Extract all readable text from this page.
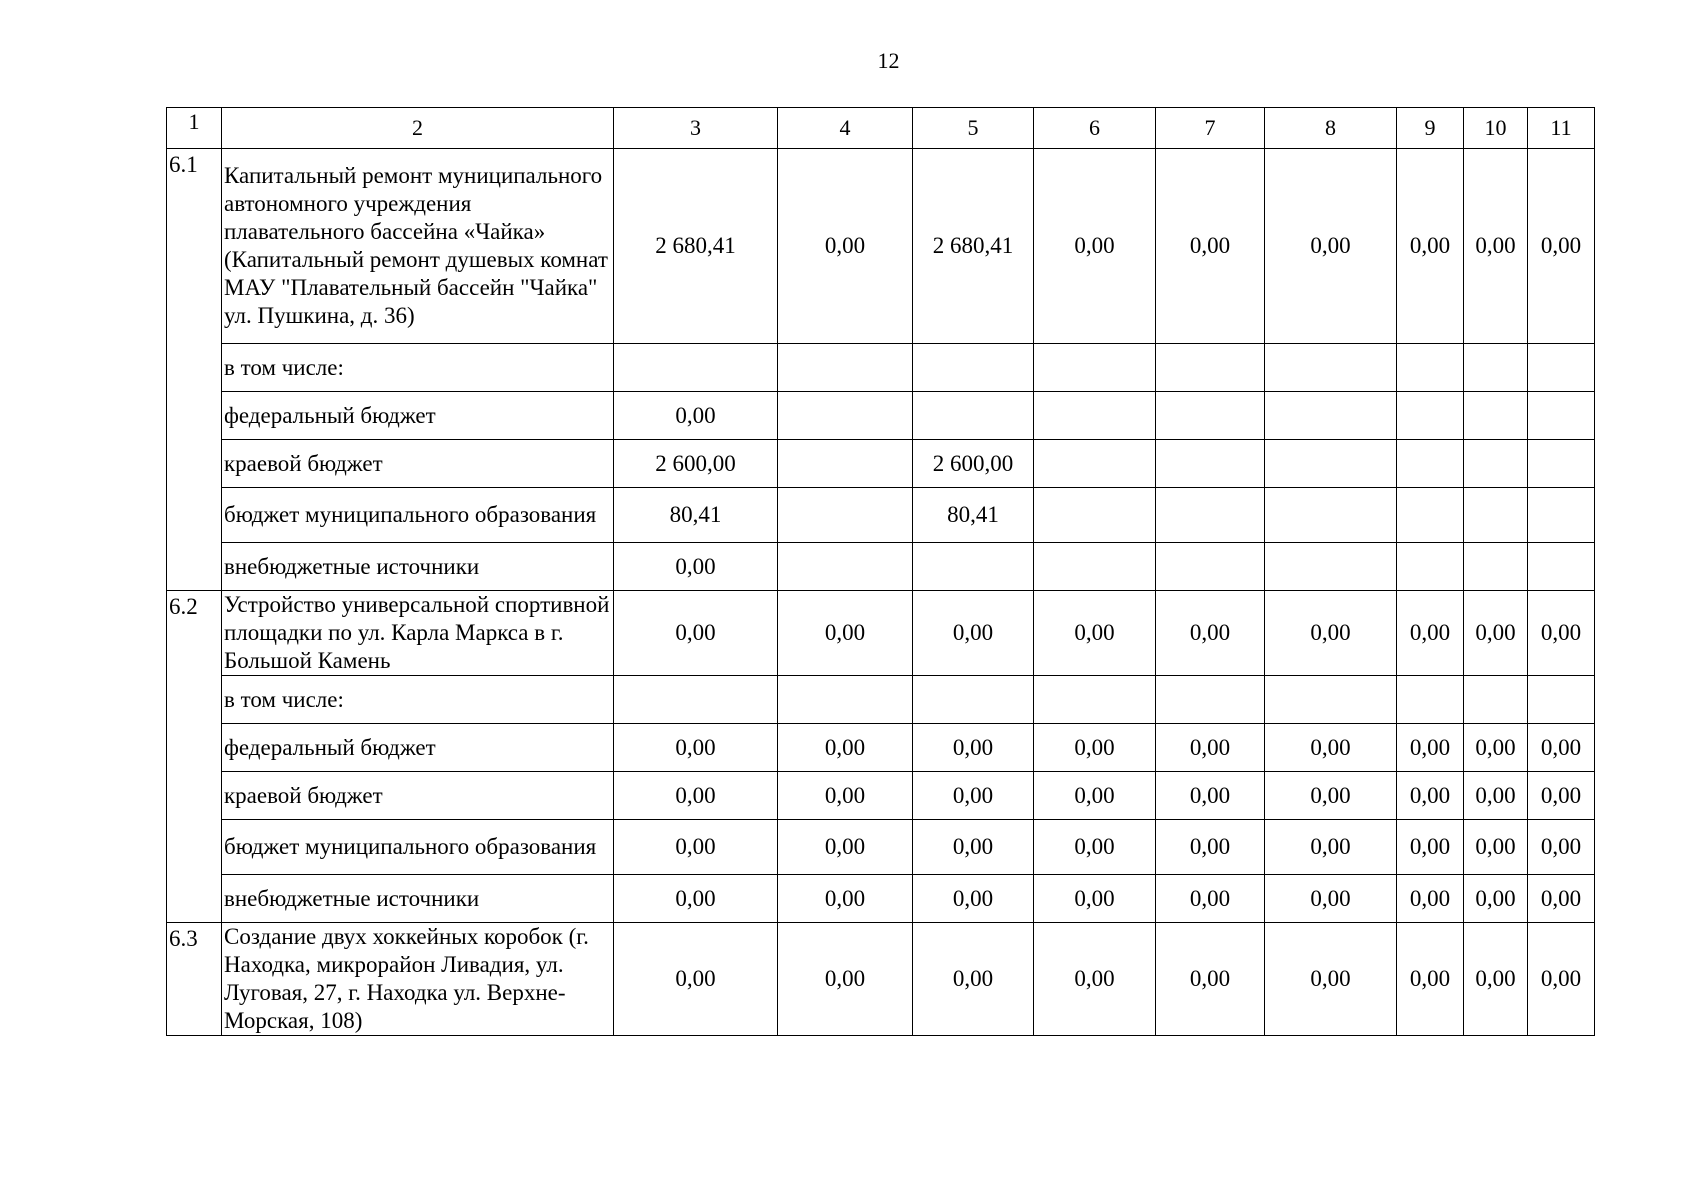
12
1	2	3	4	5	6	7	8	9	10	11
6.1	Капитальный ремонт муниципального автономного учреждения плавательного бассейна «Чайка» (Капитальный ремонт душевых комнат МАУ "Плавательный бассейн "Чайка" ул. Пушкина, д. 36)	2 680,41	0,00	2 680,41	0,00	0,00	0,00	0,00	0,00	0,00
	в том числе:									
	федеральный бюджет	0,00								
	краевой бюджет	2 600,00		2 600,00						
	бюджет муниципального образования	80,41		80,41						
	внебюджетные источники	0,00								
6.2	Устройство универсальной спортивной площадки по ул. Карла Маркса в г. Большой Камень	0,00	0,00	0,00	0,00	0,00	0,00	0,00	0,00	0,00
	в том числе:									
	федеральный бюджет	0,00	0,00	0,00	0,00	0,00	0,00	0,00	0,00	0,00
	краевой бюджет	0,00	0,00	0,00	0,00	0,00	0,00	0,00	0,00	0,00
	бюджет муниципального образования	0,00	0,00	0,00	0,00	0,00	0,00	0,00	0,00	0,00
	внебюджетные источники	0,00	0,00	0,00	0,00	0,00	0,00	0,00	0,00	0,00
6.3	Создание двух хоккейных коробок (г. Находка, микрорайон Ливадия, ул. Луговая, 27, г. Находка ул. Верхне-Морская, 108)	0,00	0,00	0,00	0,00	0,00	0,00	0,00	0,00	0,00
